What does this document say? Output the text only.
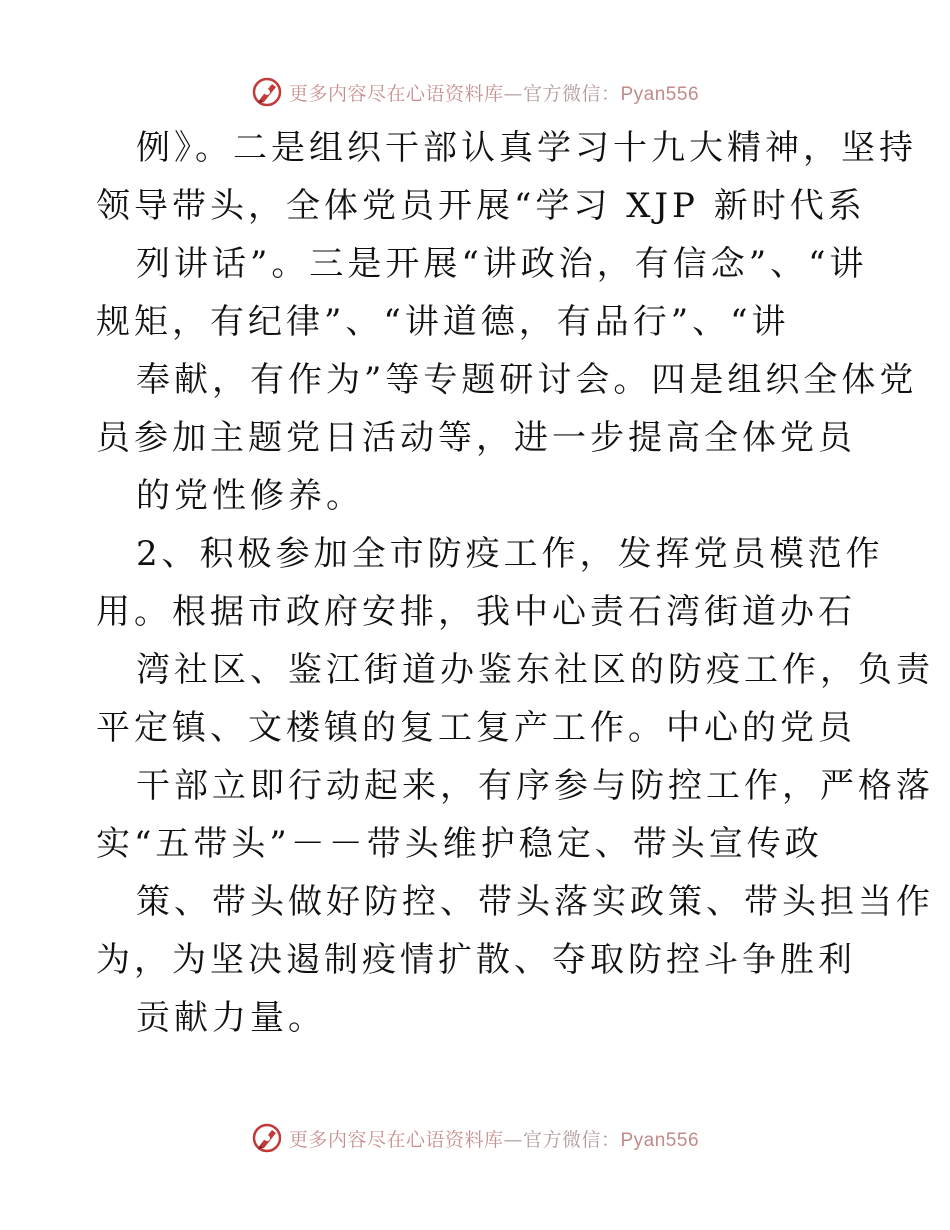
更多内容尽在心语资料库—官方微信：Pyan556
例》。二是组织干部认真学习十九大精神，坚持
领导带头，全体党员开展“学习 XJP 新时代系
列讲话”。三是开展“讲政治，有信念”、“讲
规矩，有纪律”、“讲道德，有品行”、“讲
奉献，有作为”等专题研讨会。四是组织全体党
员参加主题党日活动等，进一步提高全体党员
的党性修养。
2、积极参加全市防疫工作，发挥党员模范作
用。根据市政府安排，我中心责石湾街道办石
湾社区、鉴江街道办鉴东社区的防疫工作，负责
平定镇、文楼镇的复工复产工作。中心的党员
干部立即行动起来，有序参与防控工作，严格落
实“五带头”－－带头维护稳定、带头宣传政
策、带头做好防控、带头落实政策、带头担当作
为，为坚决遏制疫情扩散、夺取防控斗争胜利
贡献力量。
更多内容尽在心语资料库—官方微信：Pyan556
